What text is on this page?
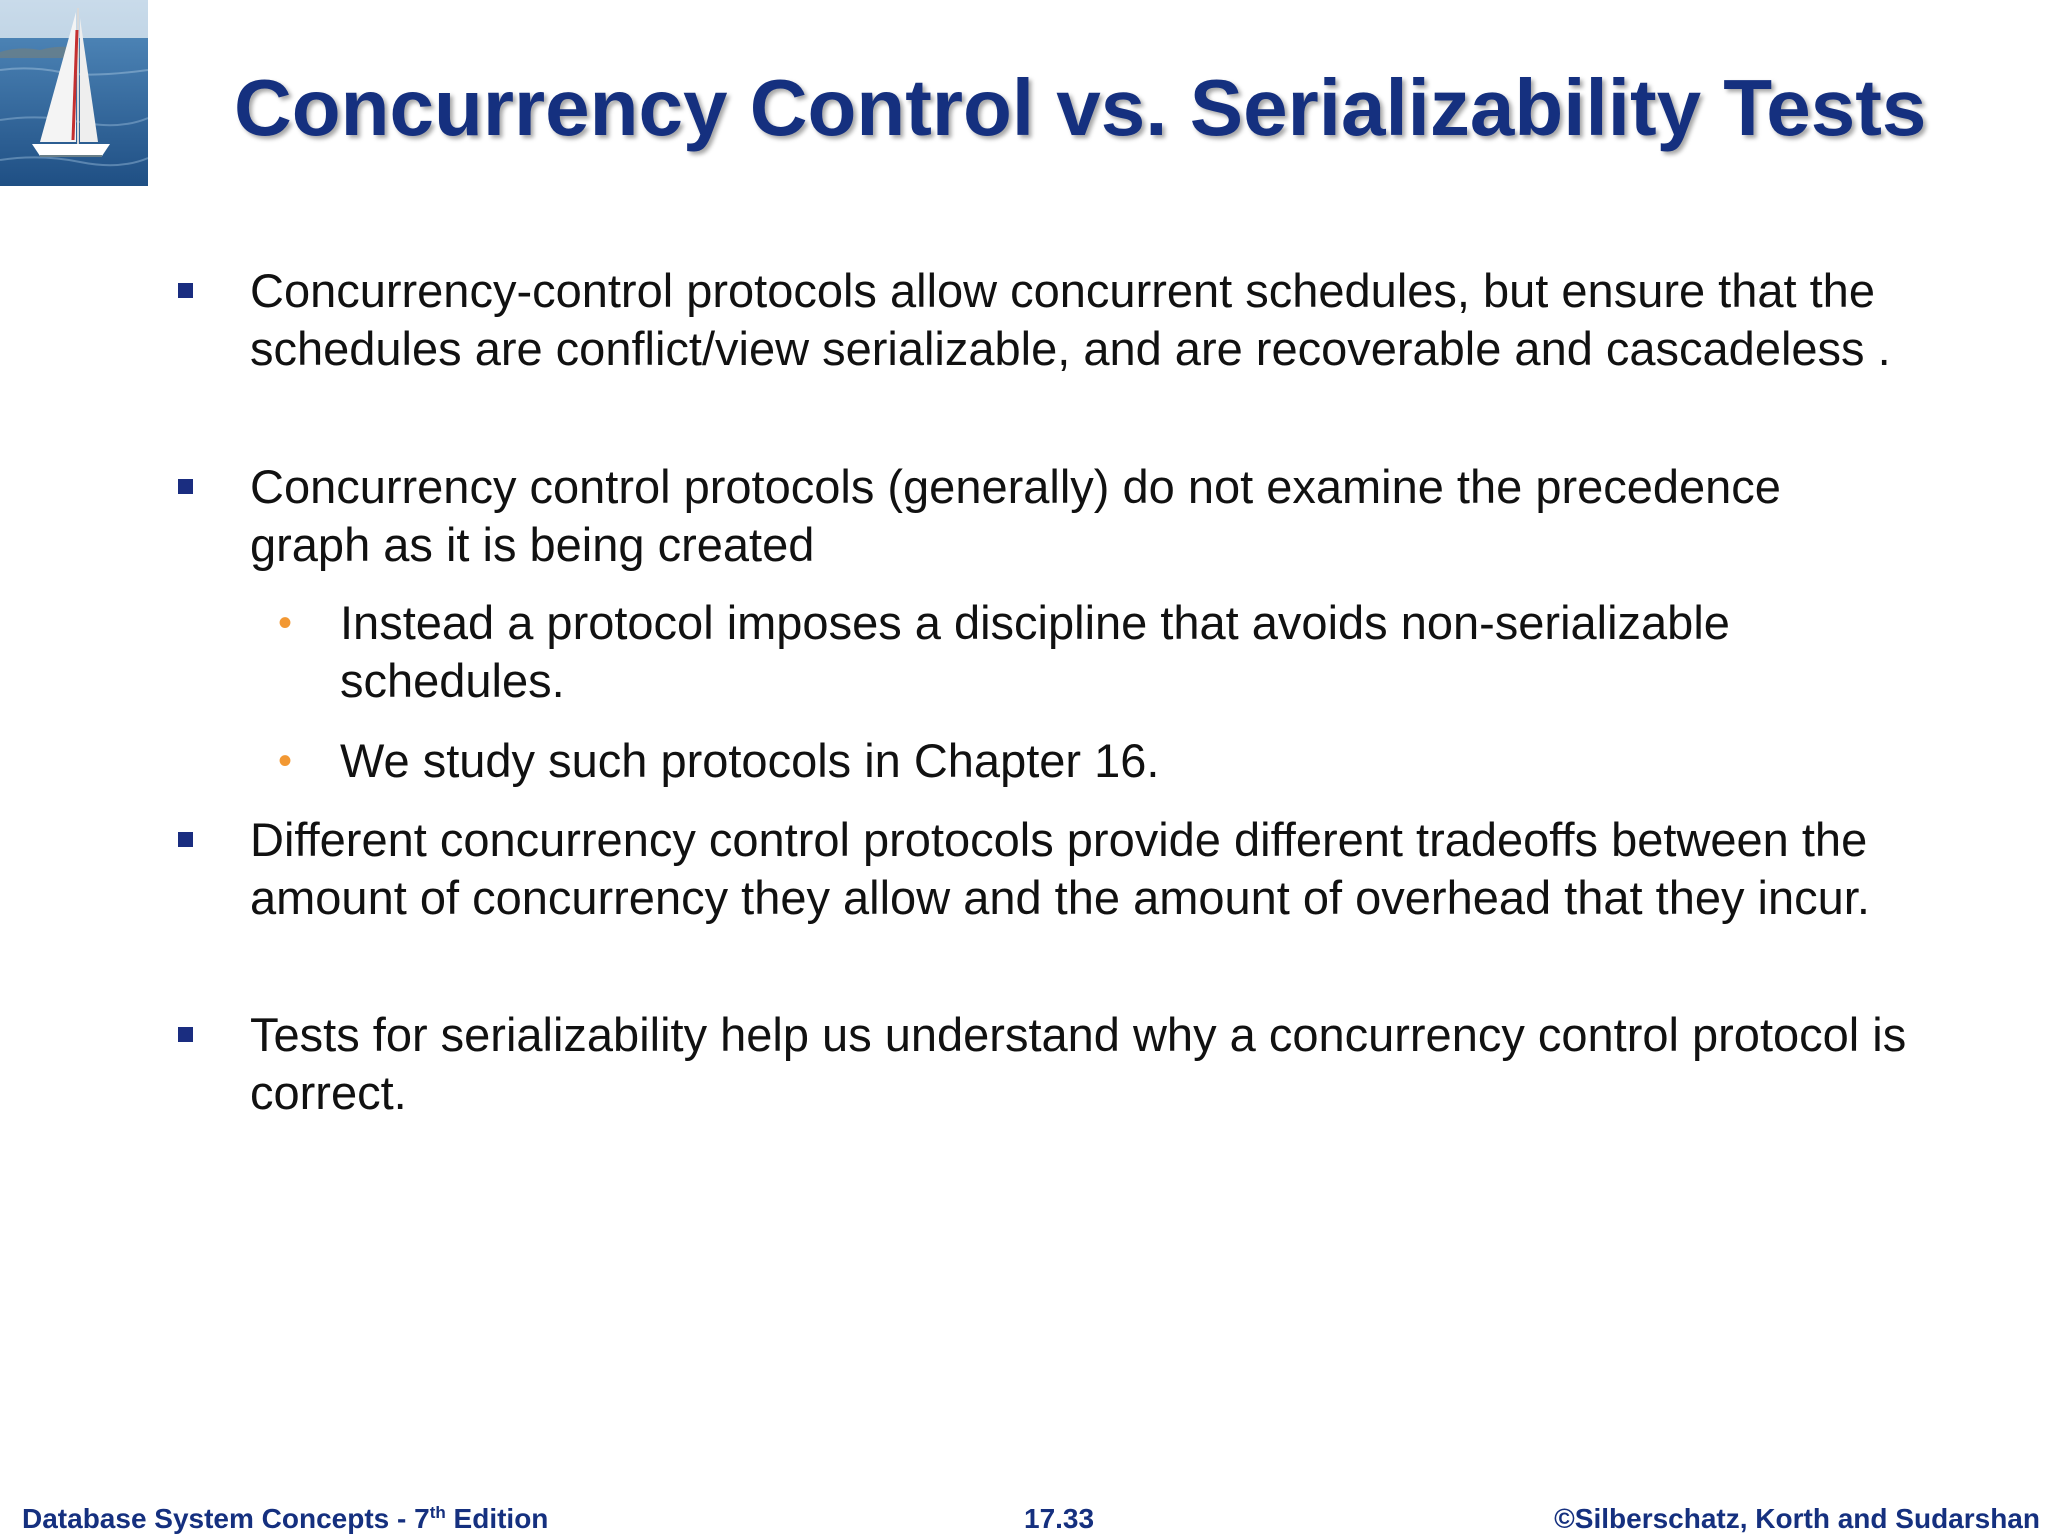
Concurrency Control vs. Serializability Tests
Concurrency-control protocols allow concurrent schedules, but ensure that the schedules are conflict/view serializable, and are recoverable and cascadeless .
Concurrency control protocols (generally) do not examine the precedence graph as it is being created
• Instead a protocol imposes a discipline that avoids non-serializable schedules.
• We study such protocols in Chapter 16.
Different concurrency control protocols provide different tradeoffs between the amount of concurrency they allow and the amount of overhead that they incur.
Tests for serializability help us understand why a concurrency control protocol is correct.
Database System Concepts - 7th Edition	17.33	©Silberschatz, Korth and Sudarshan
